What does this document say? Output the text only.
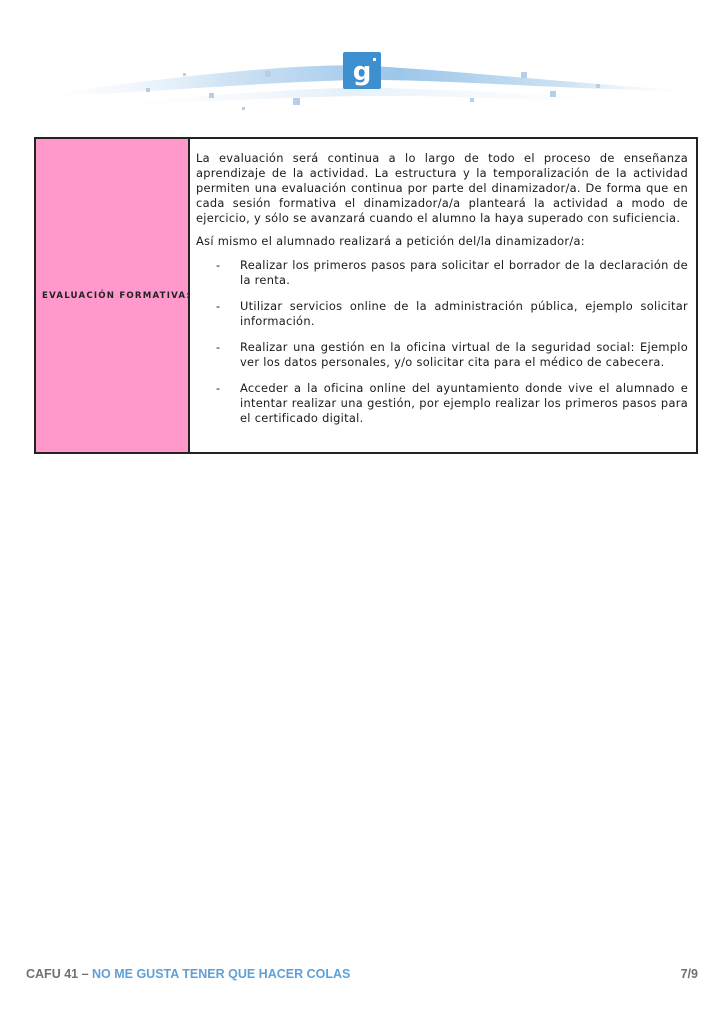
g
EVALUACIÓN FORMATIVA:

La evaluación será continua a lo largo de todo el proceso de enseñanza aprendizaje de la actividad. La estructura y la temporalización de la actividad permiten una evaluación continua por parte del dinamizador/a. De forma que en cada sesión formativa el dinamizador/a/a planteará la actividad a modo de ejercicio, y sólo se avanzará cuando el alumno la haya superado con suficiencia.

Así mismo el alumnado realizará a petición del/la dinamizador/a:

-	Realizar los primeros pasos para solicitar el borrador de la declaración de la renta.
-	Utilizar servicios online de la administración pública, ejemplo solicitar información.
-	Realizar una gestión en la oficina virtual de la seguridad social: Ejemplo ver los datos personales, y/o solicitar cita para el médico de cabecera.
-	Acceder a la oficina online del ayuntamiento donde vive el alumnado e intentar realizar una gestión, por ejemplo realizar los primeros pasos para el certificado digital.
CAFU 41 – NO ME GUSTA TENER QUE HACER COLAS	7/9
